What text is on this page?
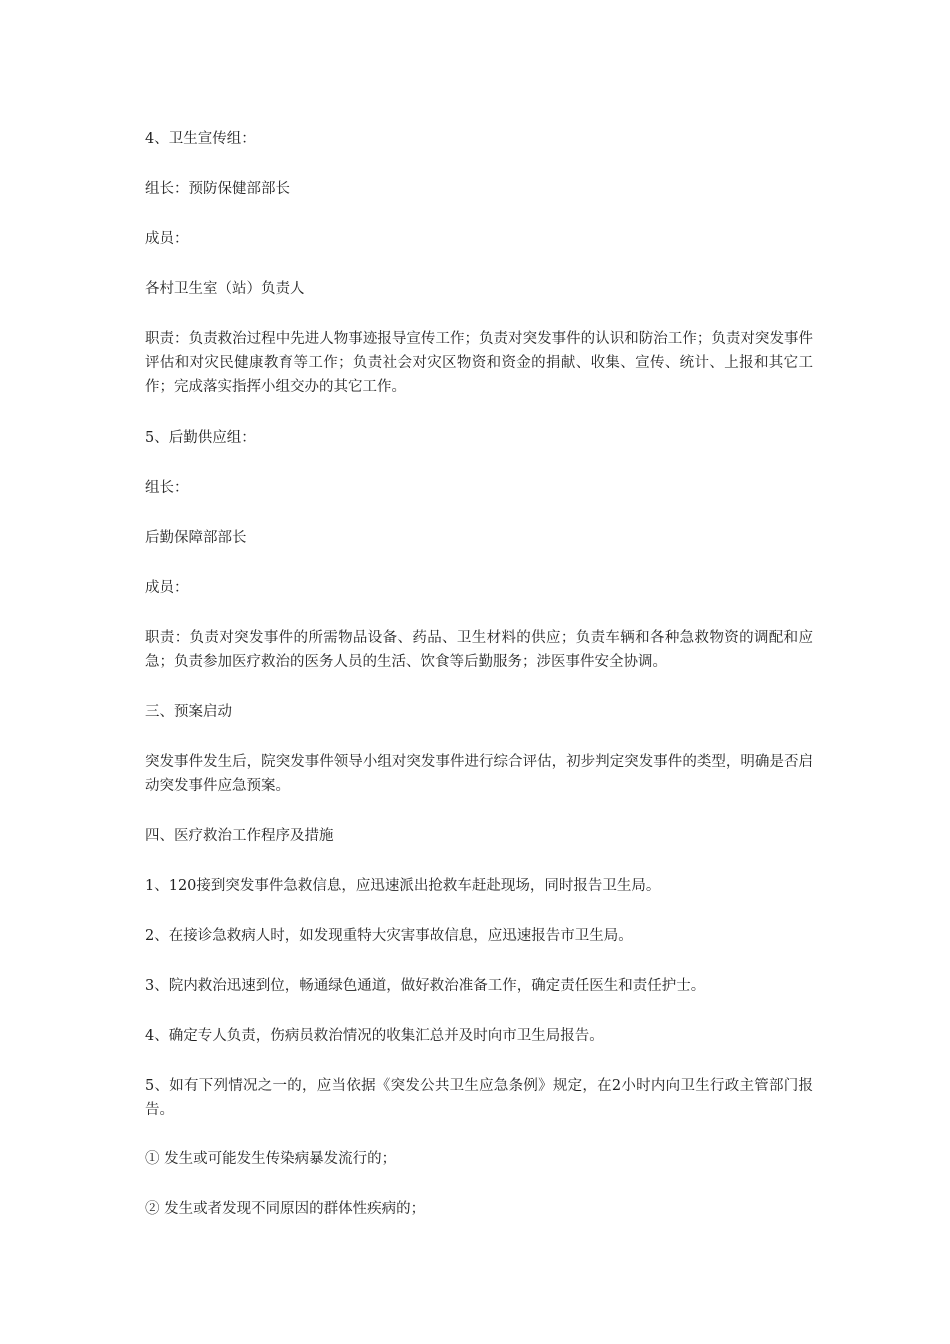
4、卫生宣传组：

组长：预防保健部部长

成员：

各村卫生室（站）负责人

职责：负责救治过程中先进人物事迹报导宣传工作；负责对突发事件的认识和防治工作；负责对突发事件评估和对灾民健康教育等工作；负责社会对灾区物资和资金的捐献、收集、宣传、统计、上报和其它工作；完成落实指挥小组交办的其它工作。

5、后勤供应组：

组长：

后勤保障部部长

成员：

职责：负责对突发事件的所需物品设备、药品、卫生材料的供应；负责车辆和各种急救物资的调配和应急；负责参加医疗救治的医务人员的生活、饮食等后勤服务；涉医事件安全协调。

三、预案启动

突发事件发生后，院突发事件领导小组对突发事件进行综合评估，初步判定突发事件的类型，明确是否启动突发事件应急预案。

四、医疗救治工作程序及措施

1、120接到突发事件急救信息，应迅速派出抢救车赶赴现场，同时报告卫生局。

2、在接诊急救病人时，如发现重特大灾害事故信息，应迅速报告市卫生局。

3、院内救治迅速到位，畅通绿色通道，做好救治准备工作，确定责任医生和责任护士。

4、确定专人负责，伤病员救治情况的收集汇总并及时向市卫生局报告。

5、如有下列情况之一的，应当依据《突发公共卫生应急条例》规定，在2小时内向卫生行政主管部门报告。

① 发生或可能发生传染病暴发流行的；

② 发生或者发现不同原因的群体性疾病的；
